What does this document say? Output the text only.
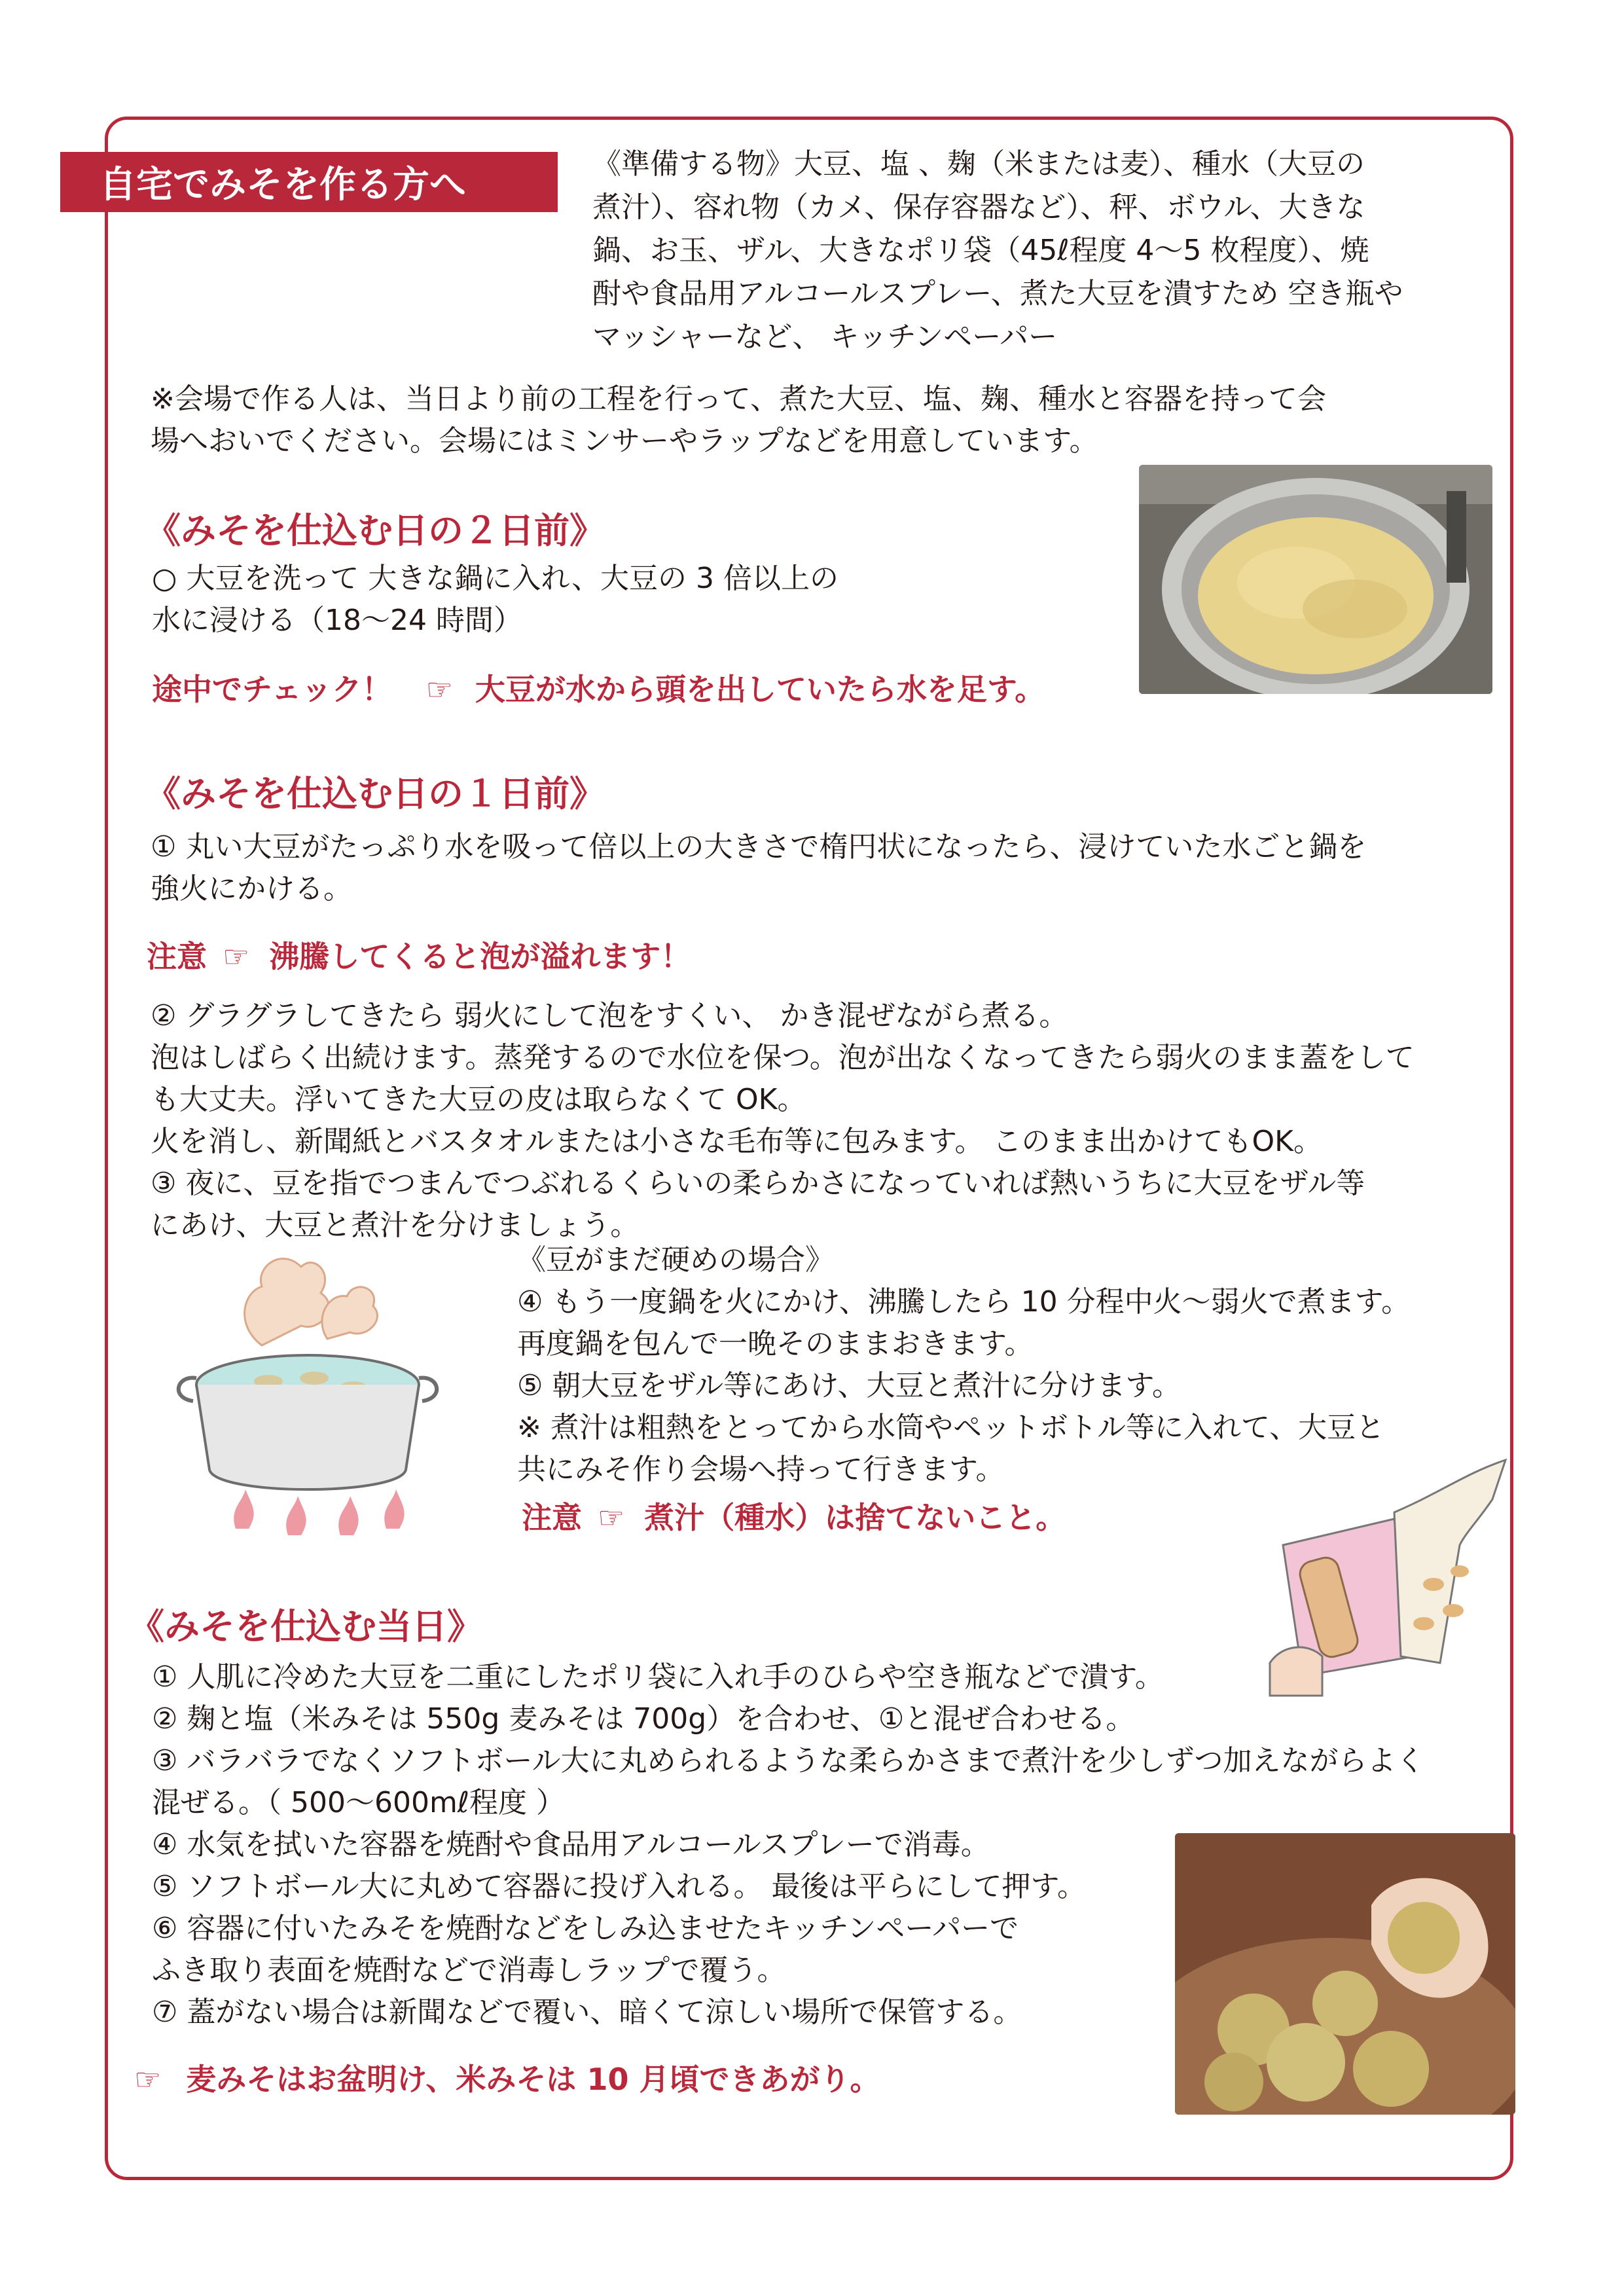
自宅でみそを作る方へ	《準備する物》大豆、塩 、麹（米または麦）、種水（大豆の
煮汁）、容れ物（カメ、保存容器など）、秤、ボウル、大きな
鍋、お玉、ザル、大きなポリ袋（45ℓ程度 4〜5 枚程度）、焼
酎や食品用アルコールスプレー、煮た大豆を潰すため 空き瓶や
マッシャーなど、 キッチンペーパー
※会場で作る人は、当日より前の工程を行って、煮た大豆、塩、麹、種水と容器を持って会
場へおいでください。会場にはミンサーやラップなどを用意しています。
《みそを仕込む日の２日前》
○ 大豆を洗って 大きな鍋に入れ、大豆の 3 倍以上の
水に浸ける（18〜24 時間）
途中でチェック！ ☞ 大豆が水から頭を出していたら水を足す。
《みそを仕込む日の１日前》
① 丸い大豆がたっぷり水を吸って倍以上の大きさで楕円状になったら、浸けていた水ごと鍋を
強火にかける。
注意 ☞ 沸騰してくると泡が溢れます！
② グラグラしてきたら 弱火にして泡をすくい、 かき混ぜながら煮る。
泡はしばらく出続けます。蒸発するので水位を保つ。泡が出なくなってきたら弱火のまま蓋をして
も大丈夫。浮いてきた大豆の皮は取らなくて OK。
火を消し、新聞紙とバスタオルまたは小さな毛布等に包みます。 このまま出かけてもOK。
③ 夜に、豆を指でつまんでつぶれるくらいの柔らかさになっていれば熱いうちに大豆をザル等
にあけ、大豆と煮汁を分けましょう。
《豆がまだ硬めの場合》
④ もう一度鍋を火にかけ、沸騰したら 10 分程中火〜弱火で煮ます。
再度鍋を包んで一晩そのままおきます。
⑤ 朝大豆をザル等にあけ、大豆と煮汁に分けます。
※ 煮汁は粗熱をとってから水筒やペットボトル等に入れて、大豆と
共にみそ作り会場へ持って行きます。
注意 ☞ 煮汁（種水）は捨てないこと。
《みそを仕込む当日》
① 人肌に冷めた大豆を二重にしたポリ袋に入れ手のひらや空き瓶などで潰す。
② 麹と塩（米みそは 550g 麦みそは 700g）を合わせ、①と混ぜ合わせる。
③ バラバラでなくソフトボール大に丸められるような柔らかさまで煮汁を少しずつ加えながらよく
混ぜる。（ 500〜600mℓ程度 ）
④ 水気を拭いた容器を焼酎や食品用アルコールスプレーで消毒。
⑤ ソフトボール大に丸めて容器に投げ入れる。 最後は平らにして押す。
⑥ 容器に付いたみそを焼酎などをしみ込ませたキッチンペーパーで
ふき取り表面を焼酎などで消毒しラップで覆う。
⑦ 蓋がない場合は新聞などで覆い、暗くて涼しい場所で保管する。
☞ 麦みそはお盆明け、米みそは 10 月頃できあがり。
